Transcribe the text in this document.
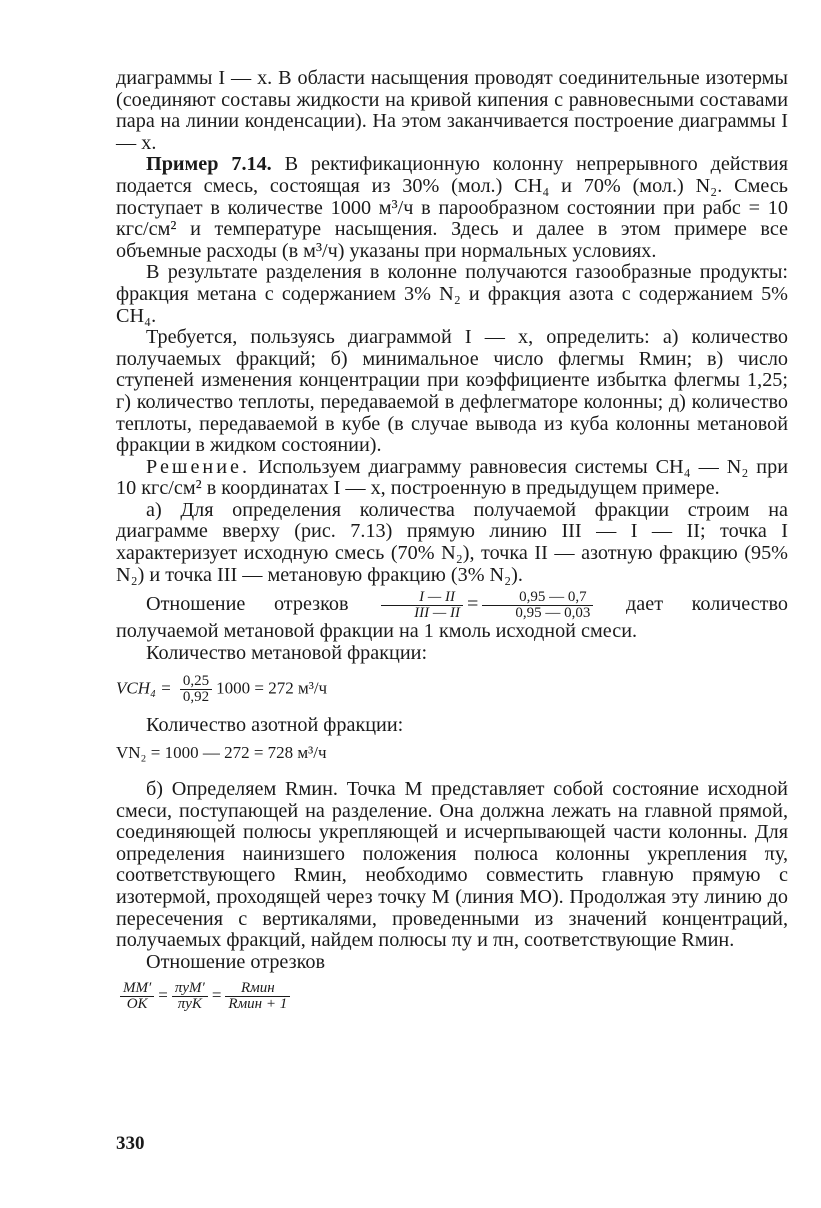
диаграммы I — x. В области насыщения проводят соединительные изотермы (соединяют составы жидкости на кривой кипения с равновесными составами пара на линии конденсации). На этом заканчивается построение диаграммы I — x.

Пример 7.14. В ректификационную колонну непрерывного действия подается смесь, состоящая из 30% (мол.) CH₄ и 70% (мол.) N₂. Смесь поступает в количестве 1000 м³/ч в парообразном состоянии при pабс = 10 кгс/см² и температуре насыщения. Здесь и далее в этом примере все объемные расходы (в м³/ч) указаны при нормальных условиях.

В результате разделения в колонне получаются газообразные продукты: фракция метана с содержанием 3% N₂ и фракция азота с содержанием 5% CH₄.

Требуется, пользуясь диаграммой I — x, определить: а) количество получаемых фракций; б) минимальное число флегмы Rмин; в) число ступеней изменения концентрации при коэффициенте избытка флегмы 1,25; г) количество теплоты, передаваемой в дефлегматоре колонны; д) количество теплоты, передаваемой в кубе (в случае вывода из куба колонны метановой фракции в жидком состоянии).

Решение. Используем диаграмму равновесия системы CH₄ — N₂ при 10 кгс/см² в координатах I — x, построенную в предыдущем примере.

а) Для определения количества получаемой фракции строим на диаграмме вверху (рис. 7.13) прямую линию III — I — II; точка I характеризует исходную смесь (70% N₂), точка II — азотную фракцию (95% N₂) и точка III — метановую фракцию (3% N₂).

Отношение отрезков $\frac{I — II}{\text{III — II}} = \frac{0,95 — 0,7}{0,95 — 0,03}$ дает количество получаемой метановой фракции на 1 кмоль исходной смеси.

Количество метановой фракции:

$VCH_4 = \frac{0,25}{0,92} 1000 = 272$ м³/ч

Количество азотной фракции:

VN₂ = 1000 — 272 = 728 м³/ч

б) Определяем Rмин. Точка M представляет собой состояние исходной смеси, поступающей на разделение. Она должна лежать на главной прямой, соединяющей полюсы укрепляющей и исчерпывающей части колонны. Для определения наинизшего положения полюса колонны укрепления πу, соответствующего Rмин, необходимо совместить главную прямую с изотермой, проходящей через точку M (линия MO). Продолжая эту линию до пересечения с вертикалями, проведенными из значений концентраций, получаемых фракций, найдем полюсы πу и πн, соответствующие Rмин.

Отношение отрезков

$\frac{MM'}{OK} = \frac{\text{πуM′}}{\text{πуK}} = \frac{\text{Rмин}}{\text{Rмин + 1}}$
330
